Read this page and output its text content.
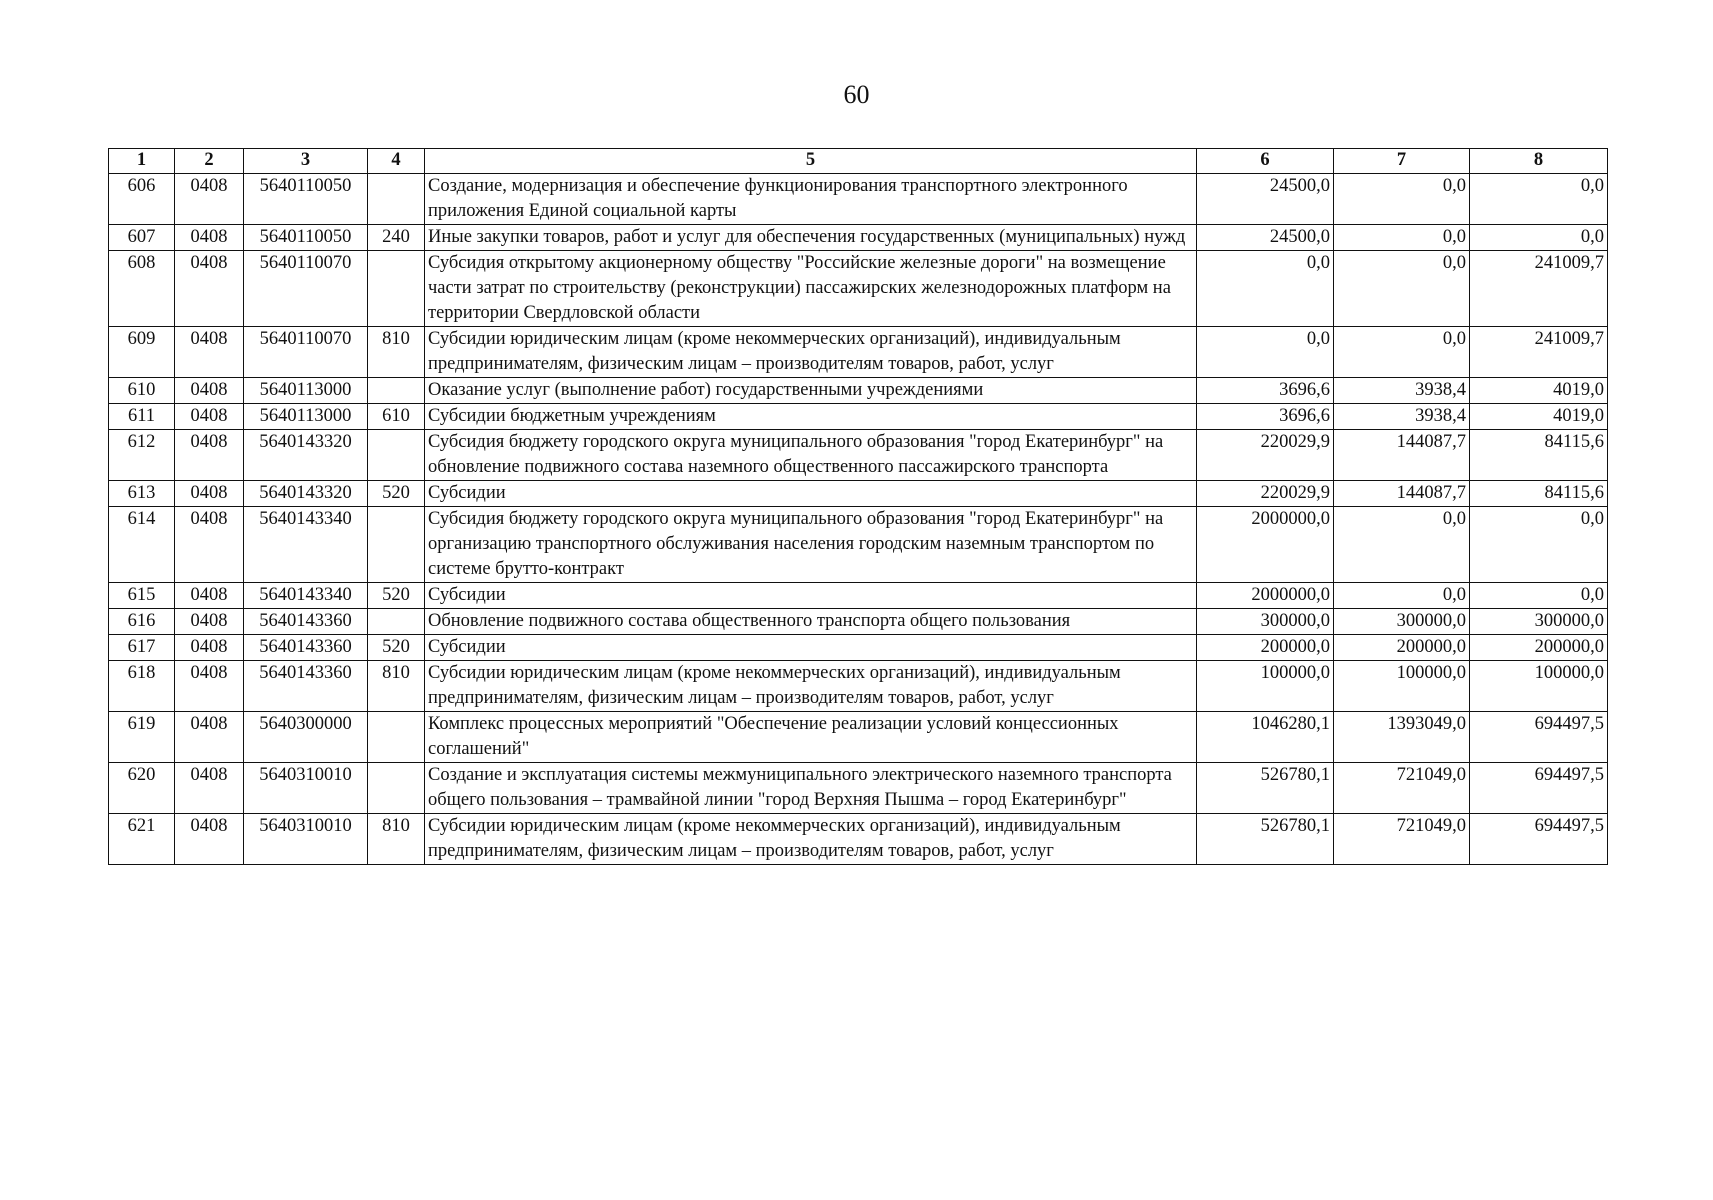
60
1	2	3	4	5	6	7	8
606	0408	5640110050		Создание, модернизация и обеспечение функционирования транспортного электронного приложения Единой социальной карты	24500,0	0,0	0,0
607	0408	5640110050	240	Иные закупки товаров, работ и услуг для обеспечения государственных (муниципальных) нужд	24500,0	0,0	0,0
608	0408	5640110070		Субсидия открытому акционерному обществу "Российские железные дороги" на возмещение части затрат по строительству (реконструкции) пассажирских железнодорожных платформ на территории Свердловской области	0,0	0,0	241009,7
609	0408	5640110070	810	Субсидии юридическим лицам (кроме некоммерческих организаций), индивидуальным предпринимателям, физическим лицам – производителям товаров, работ, услуг	0,0	0,0	241009,7
610	0408	5640113000		Оказание услуг (выполнение работ) государственными учреждениями	3696,6	3938,4	4019,0
611	0408	5640113000	610	Субсидии бюджетным учреждениям	3696,6	3938,4	4019,0
612	0408	5640143320		Субсидия бюджету городского округа муниципального образования "город Екатеринбург" на обновление подвижного состава наземного общественного пассажирского транспорта	220029,9	144087,7	84115,6
613	0408	5640143320	520	Субсидии	220029,9	144087,7	84115,6
614	0408	5640143340		Субсидия бюджету городского округа муниципального образования "город Екатеринбург" на организацию транспортного обслуживания населения городским наземным транспортом по системе брутто-контракт	2000000,0	0,0	0,0
615	0408	5640143340	520	Субсидии	2000000,0	0,0	0,0
616	0408	5640143360		Обновление подвижного состава общественного транспорта общего пользования	300000,0	300000,0	300000,0
617	0408	5640143360	520	Субсидии	200000,0	200000,0	200000,0
618	0408	5640143360	810	Субсидии юридическим лицам (кроме некоммерческих организаций), индивидуальным предпринимателям, физическим лицам – производителям товаров, работ, услуг	100000,0	100000,0	100000,0
619	0408	5640300000		Комплекс процессных мероприятий "Обеспечение реализации условий концессионных соглашений"	1046280,1	1393049,0	694497,5
620	0408	5640310010		Создание и эксплуатация системы межмуниципального электрического наземного транспорта общего пользования – трамвайной линии "город Верхняя Пышма – город Екатеринбург"	526780,1	721049,0	694497,5
621	0408	5640310010	810	Субсидии юридическим лицам (кроме некоммерческих организаций), индивидуальным предпринимателям, физическим лицам – производителям товаров, работ, услуг	526780,1	721049,0	694497,5
